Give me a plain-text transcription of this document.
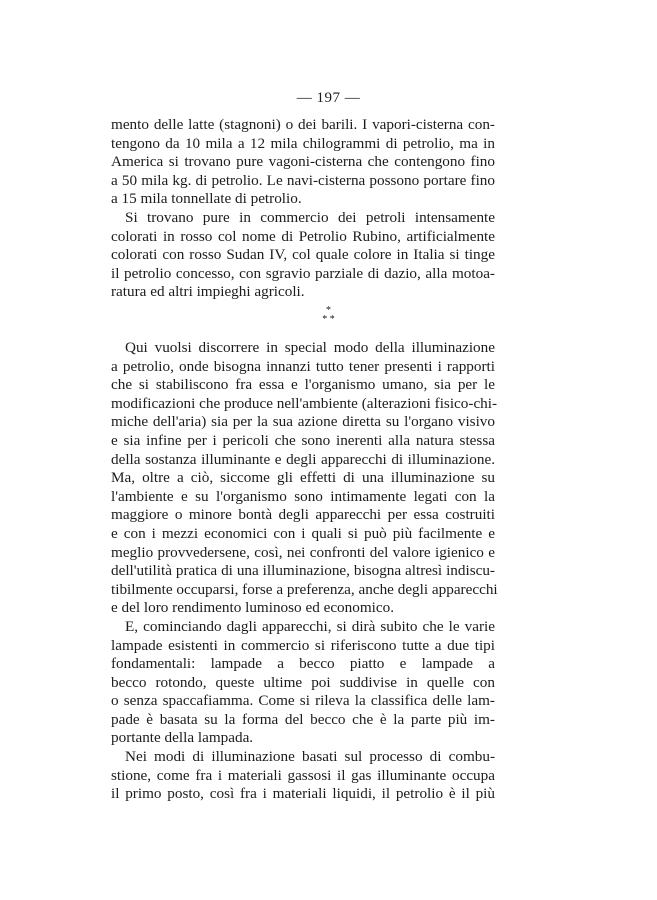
— 197 —
mento delle latte (stagnoni) o dei barili. I vapori-cisterna con-
tengono da 10 mila a 12 mila chilogrammi di petrolio, ma in
America si trovano pure vagoni-cisterna che contengono fino
a 50 mila kg. di petrolio. Le navi-cisterna possono portare fino
a 15 mila tonnellate di petrolio.
Si trovano pure in commercio dei petroli intensamente
colorati in rosso col nome di Petrolio Rubino, artificialmente
colorati con rosso Sudan IV, col quale colore in Italia si tinge
il petrolio concesso, con sgravio parziale di dazio, alla motoa-
ratura ed altri impieghi agricoli.
*
* *
Qui vuolsi discorrere in special modo della illuminazione
a petrolio, onde bisogna innanzi tutto tener presenti i rapporti
che si stabiliscono fra essa e l'organismo umano, sia per le
modificazioni che produce nell'ambiente (alterazioni fisico-chi-
miche dell'aria) sia per la sua azione diretta su l'organo visivo
e sia infine per i pericoli che sono inerenti alla natura stessa
della sostanza illuminante e degli apparecchi di illuminazione.
Ma, oltre a ciò, siccome gli effetti di una illuminazione su
l'ambiente e su l'organismo sono intimamente legati con la
maggiore o minore bontà degli apparecchi per essa costruiti
e con i mezzi economici con i quali si può più facilmente e
meglio provvedersene, così, nei confronti del valore igienico e
dell'utilità pratica di una illuminazione, bisogna altresì indiscu-
tibilmente occuparsi, forse a preferenza, anche degli apparecchi
e del loro rendimento luminoso ed economico.
E, cominciando dagli apparecchi, si dirà subito che le varie
lampade esistenti in commercio si riferiscono tutte a due tipi
fondamentali: lampade a becco piatto e lampade a
becco rotondo, queste ultime poi suddivise in quelle con
o senza spaccafiamma. Come si rileva la classifica delle lam-
pade è basata su la forma del becco che è la parte più im-
portante della lampada.
Nei modi di illuminazione basati sul processo di combu-
stione, come fra i materiali gassosi il gas illuminante occupa
il primo posto, così fra i materiali liquidi, il petrolio è il più
